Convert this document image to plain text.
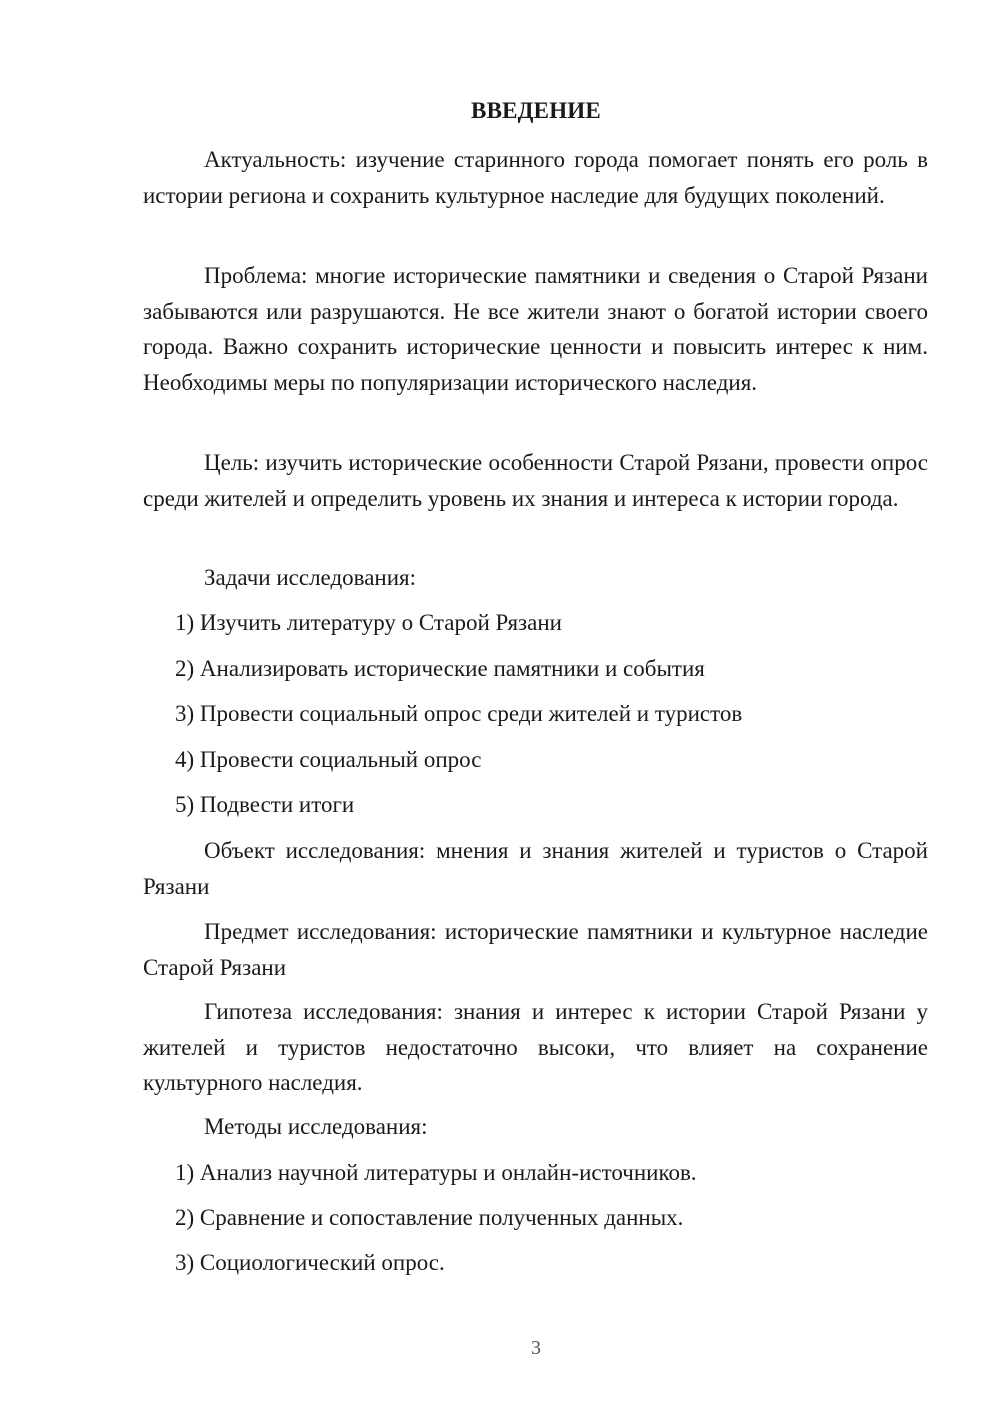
ВВЕДЕНИЕ
Актуальность: изучение старинного города помогает понять его роль в истории региона и сохранить культурное наследие для будущих поколений.
Проблема: многие исторические памятники и сведения о Старой Рязани забываются или разрушаются. Не все жители знают о богатой истории своего города. Важно сохранить исторические ценности и повысить интерес к ним. Необходимы меры по популяризации исторического наследия.
Цель: изучить исторические особенности Старой Рязани, провести опрос среди жителей и определить уровень их знания и интереса к истории города.
Задачи исследования:
1) Изучить литературу о Старой Рязани
2) Анализировать исторические памятники и события
3) Провести социальный опрос среди жителей и туристов
4) Провести социальный опрос
5) Подвести итоги
Объект исследования: мнения и знания жителей и туристов о Старой Рязани
Предмет исследования: исторические памятники и культурное наследие Старой Рязани
Гипотеза исследования: знания и интерес к истории Старой Рязани у жителей и туристов недостаточно высоки, что влияет на сохранение культурного наследия.
Методы исследования:
1) Анализ научной литературы и онлайн-источников.
2) Сравнение и сопоставление полученных данных.
3) Социологический опрос.
3
